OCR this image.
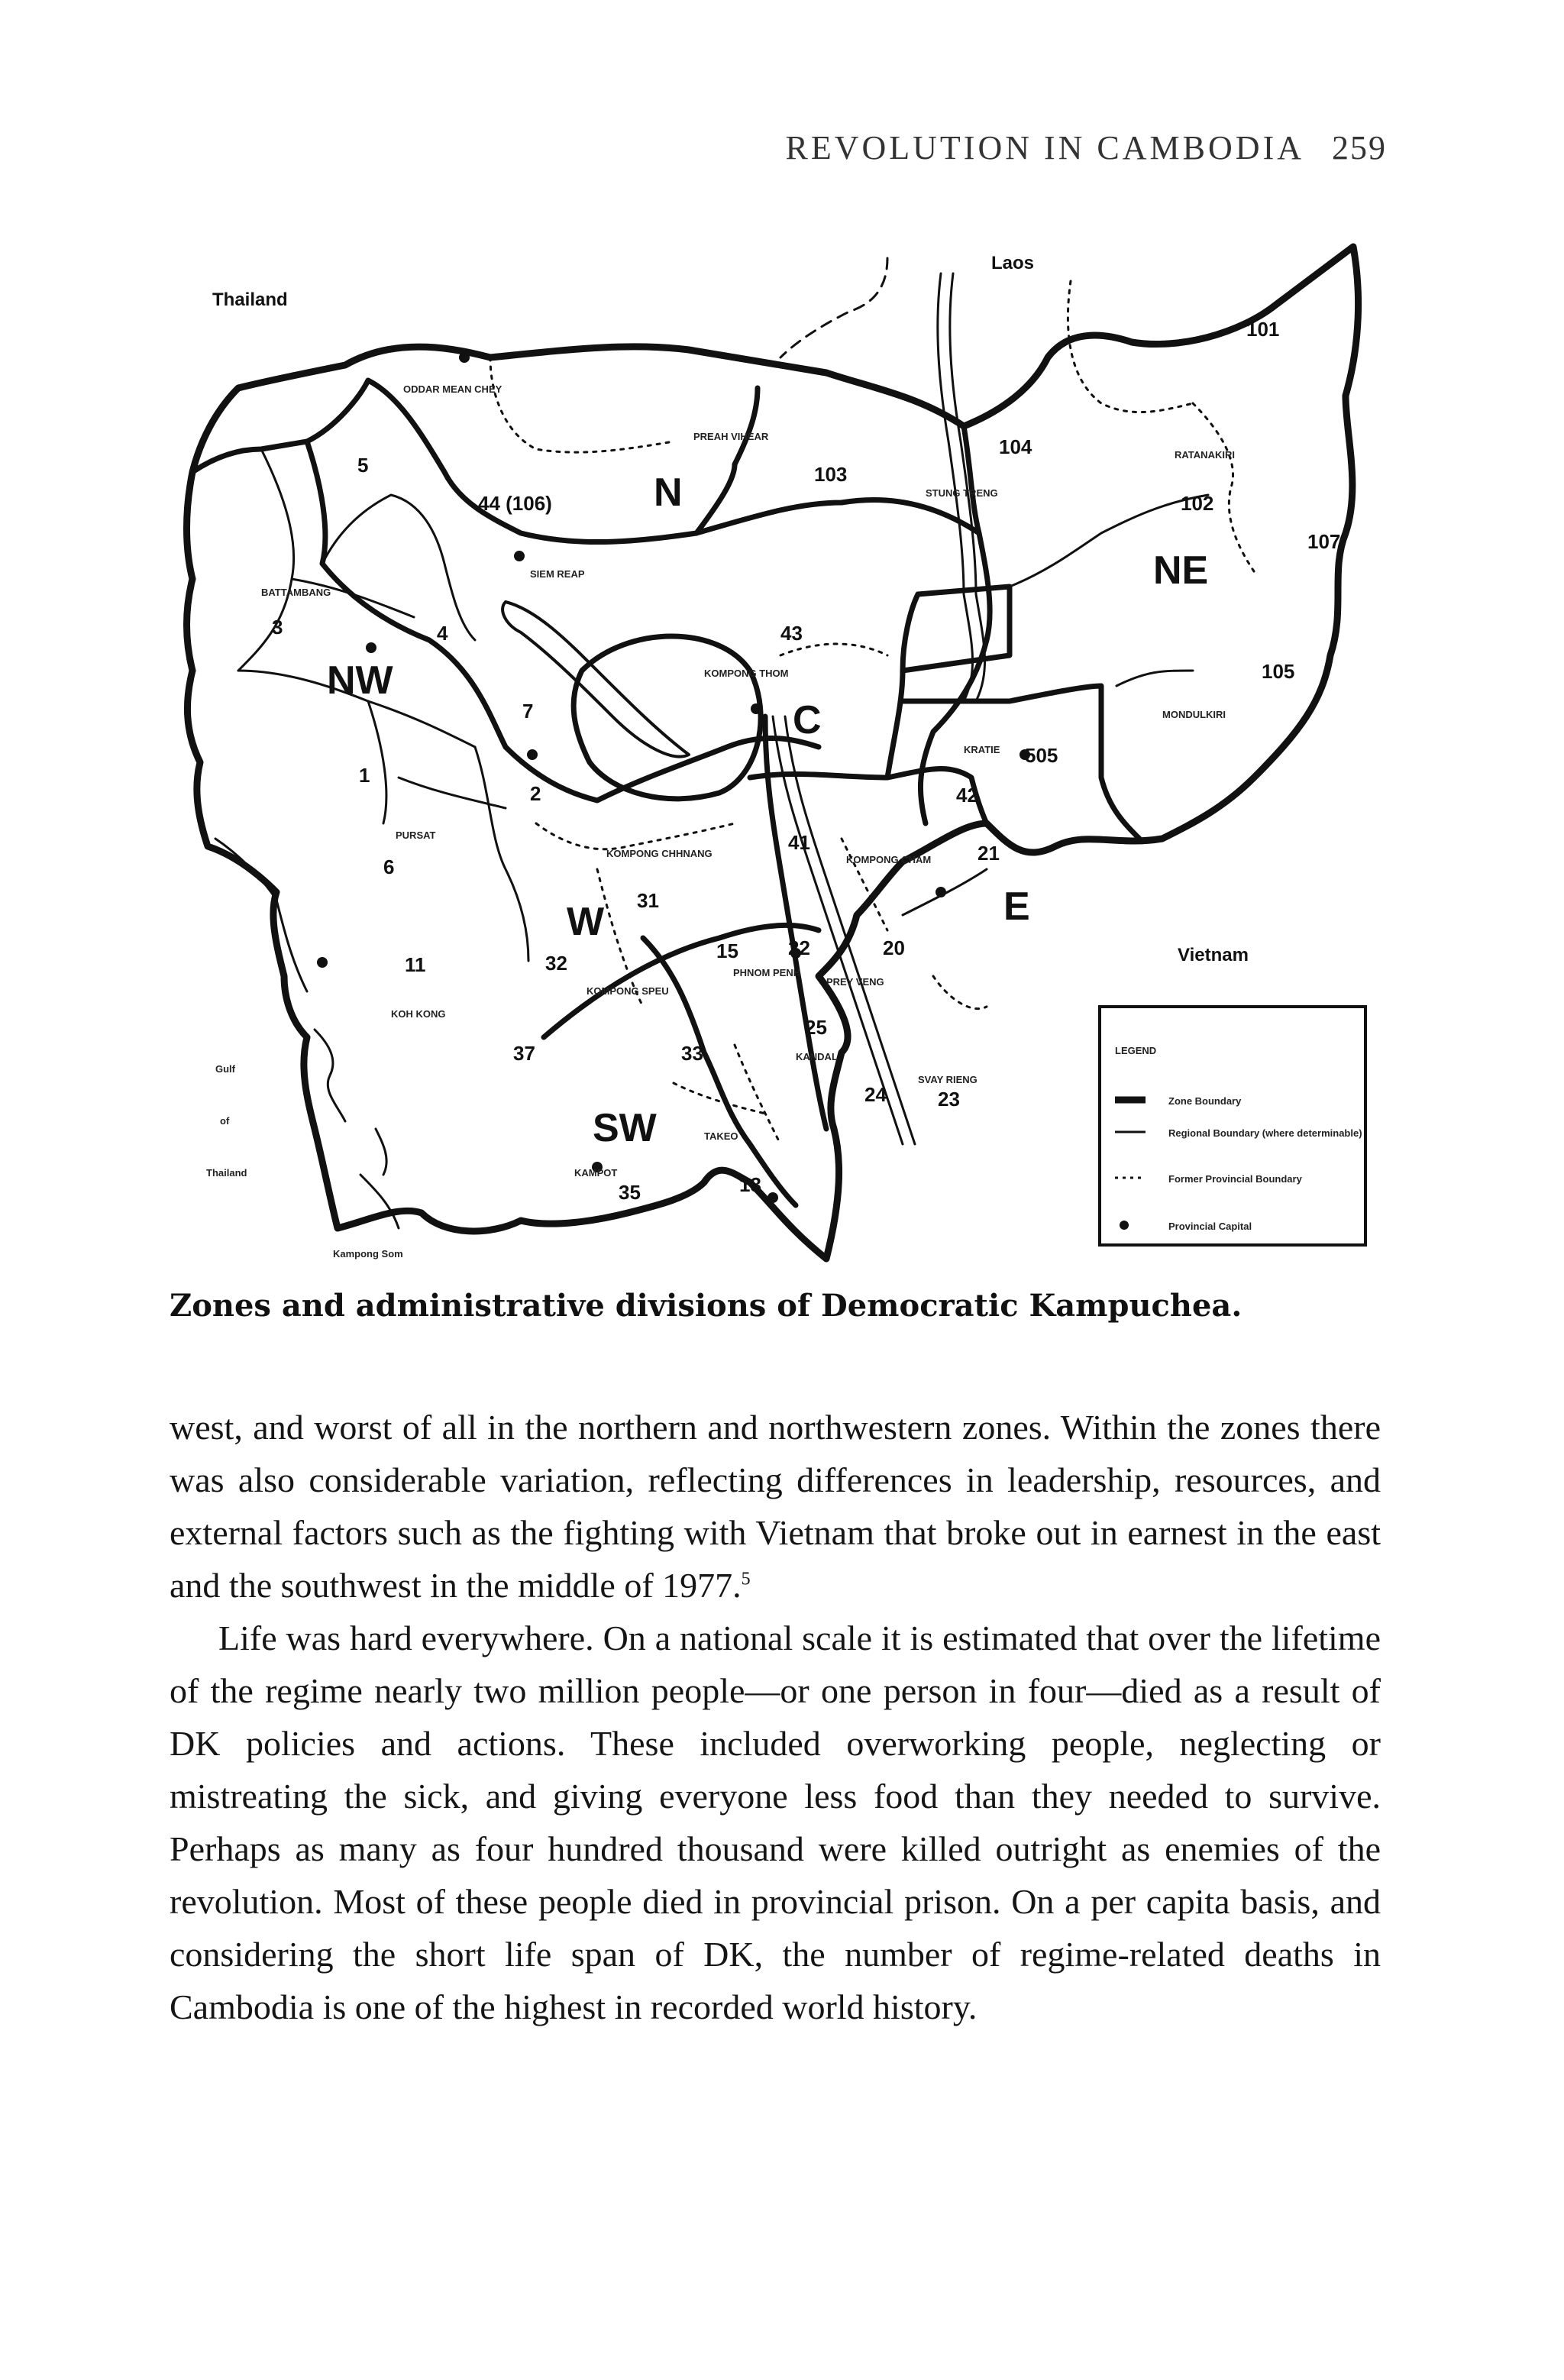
REVOLUTION IN CAMBODIA 259
Thailand
Laos
Vietnam
Gulf
of
Thailand
Kampong Som
N
NE
NW
C
E
W
SW
1
2
3	4
5
6
7
11
13
15	20
21
22
23
24
25
31
32
33
35
37
41
42
43
44 (106)
101
102
103
104
105
107
505
ODDAR MEAN CHEY
PREAH VIHEAR
STUNG TRENG
RATANAKIRI
BATTAMBANG
SIEM REAP
KOMPONG THOM
MONDULKIRI
KRATIE
PURSAT
KOMPONG CHHNANG
KOMPONG CHAM
KOH KONG
KOMPONG SPEU
PHNOM PENH
PREY VENG
KANDAL
SVAY RIENG
TAKEO
KAMPOT
LEGEND
Zone Boundary
Regional Boundary (where determinable)
Former Provincial Boundary
Provincial Capital
Zones and administrative divisions of Democratic Kampuchea.

west, and worst of all in the northern and northwestern zones. Within the zones there was also considerable variation, reflecting differences in leadership, resources, and external factors such as the fighting with Vietnam that broke out in earnest in the east and the southwest in the middle of 1977.$^5$

Life was hard everywhere. On a national scale it is estimated that over the lifetime of the regime nearly two million people—or one person in four—died as a result of DK policies and actions. These included overworking people, neglecting or mistreating the sick, and giving everyone less food than they needed to survive. Perhaps as many as four hundred thousand were killed outright as enemies of the revolution. Most of these people died in provincial prison. On a per capita basis, and considering the short life span of DK, the number of regime-related deaths in Cambodia is one of the highest in recorded world history.
